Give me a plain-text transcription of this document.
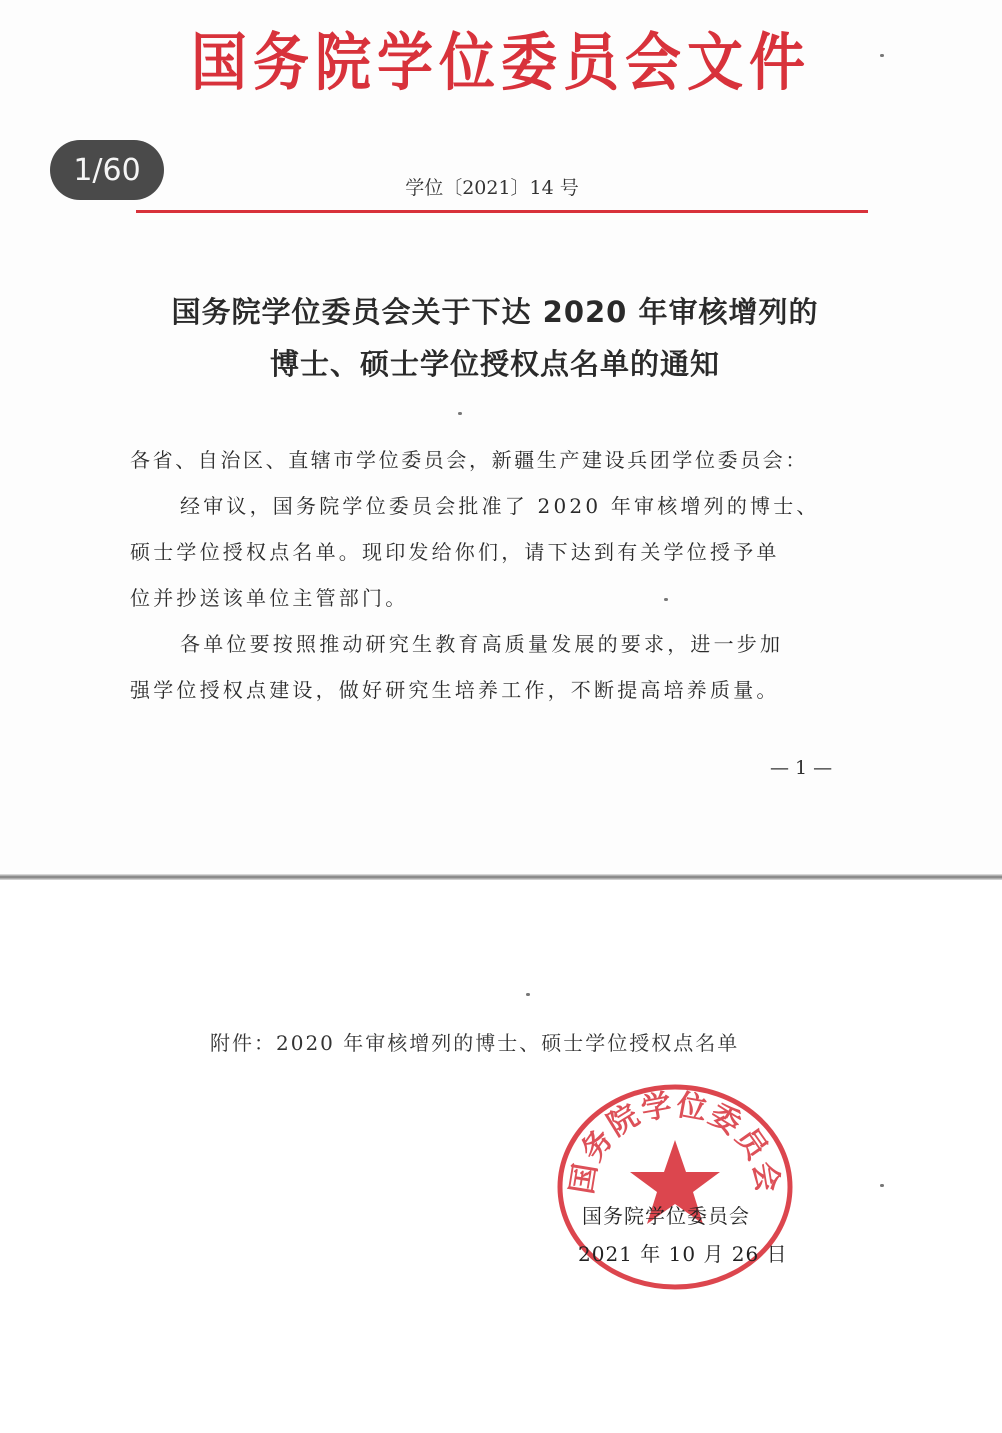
国务院学位委员会文件
1/60
学位〔2021〕14 号
国务院学位委员会关于下达 2020 年审核增列的
博士、硕士学位授权点名单的通知
各省、自治区、直辖市学位委员会，新疆生产建设兵团学位委员会：
经审议，国务院学位委员会批准了 2020 年审核增列的博士、
硕士学位授权点名单。现印发给你们，请下达到有关学位授予单
位并抄送该单位主管部门。
各单位要按照推动研究生教育高质量发展的要求，进一步加
强学位授权点建设，做好研究生培养工作，不断提高培养质量。
— 1 —
附件：2020 年审核增列的博士、硕士学位授权点名单
国务院学位委员会
国务院学位委员会
2021 年 10 月 26 日
